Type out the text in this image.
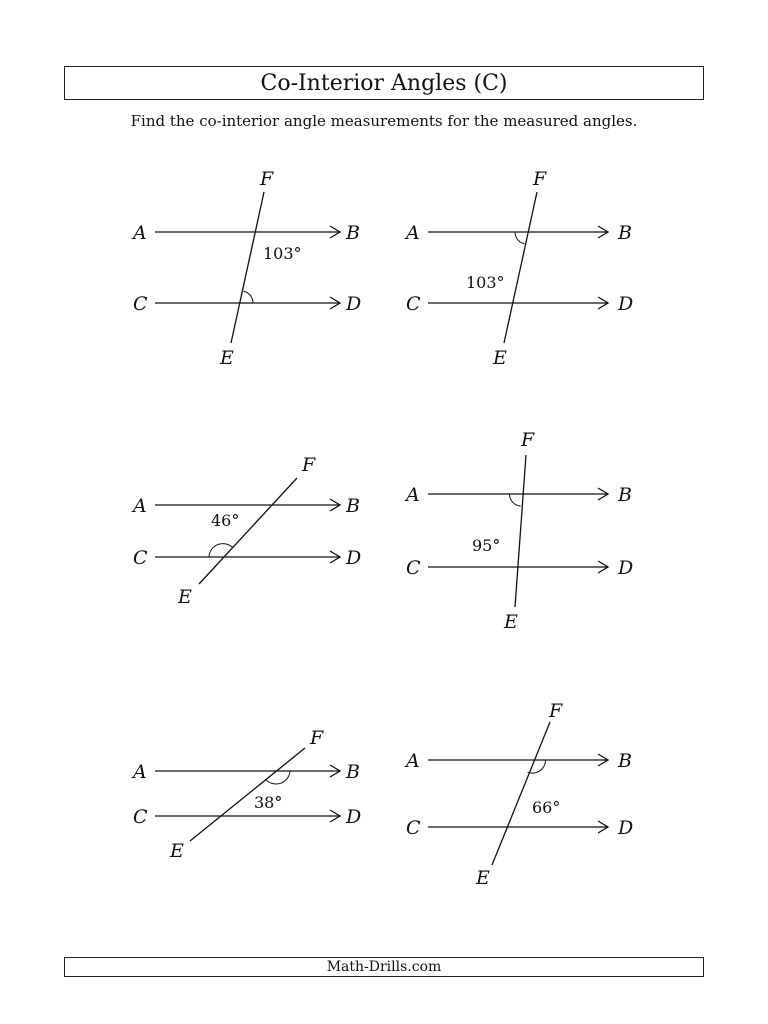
Co-Interior Angles (C)
Find the co-interior angle measurements for the measured angles.
A	B
C	D
E
F
103°
A	B
C	D
E
F
103°
A	B
C	D
E
F
46°
A	B
C	D
E
F
95°
A	B
C	D
E
F
38°
A	B
C	D
E
F
66°
Math-Drills.com
